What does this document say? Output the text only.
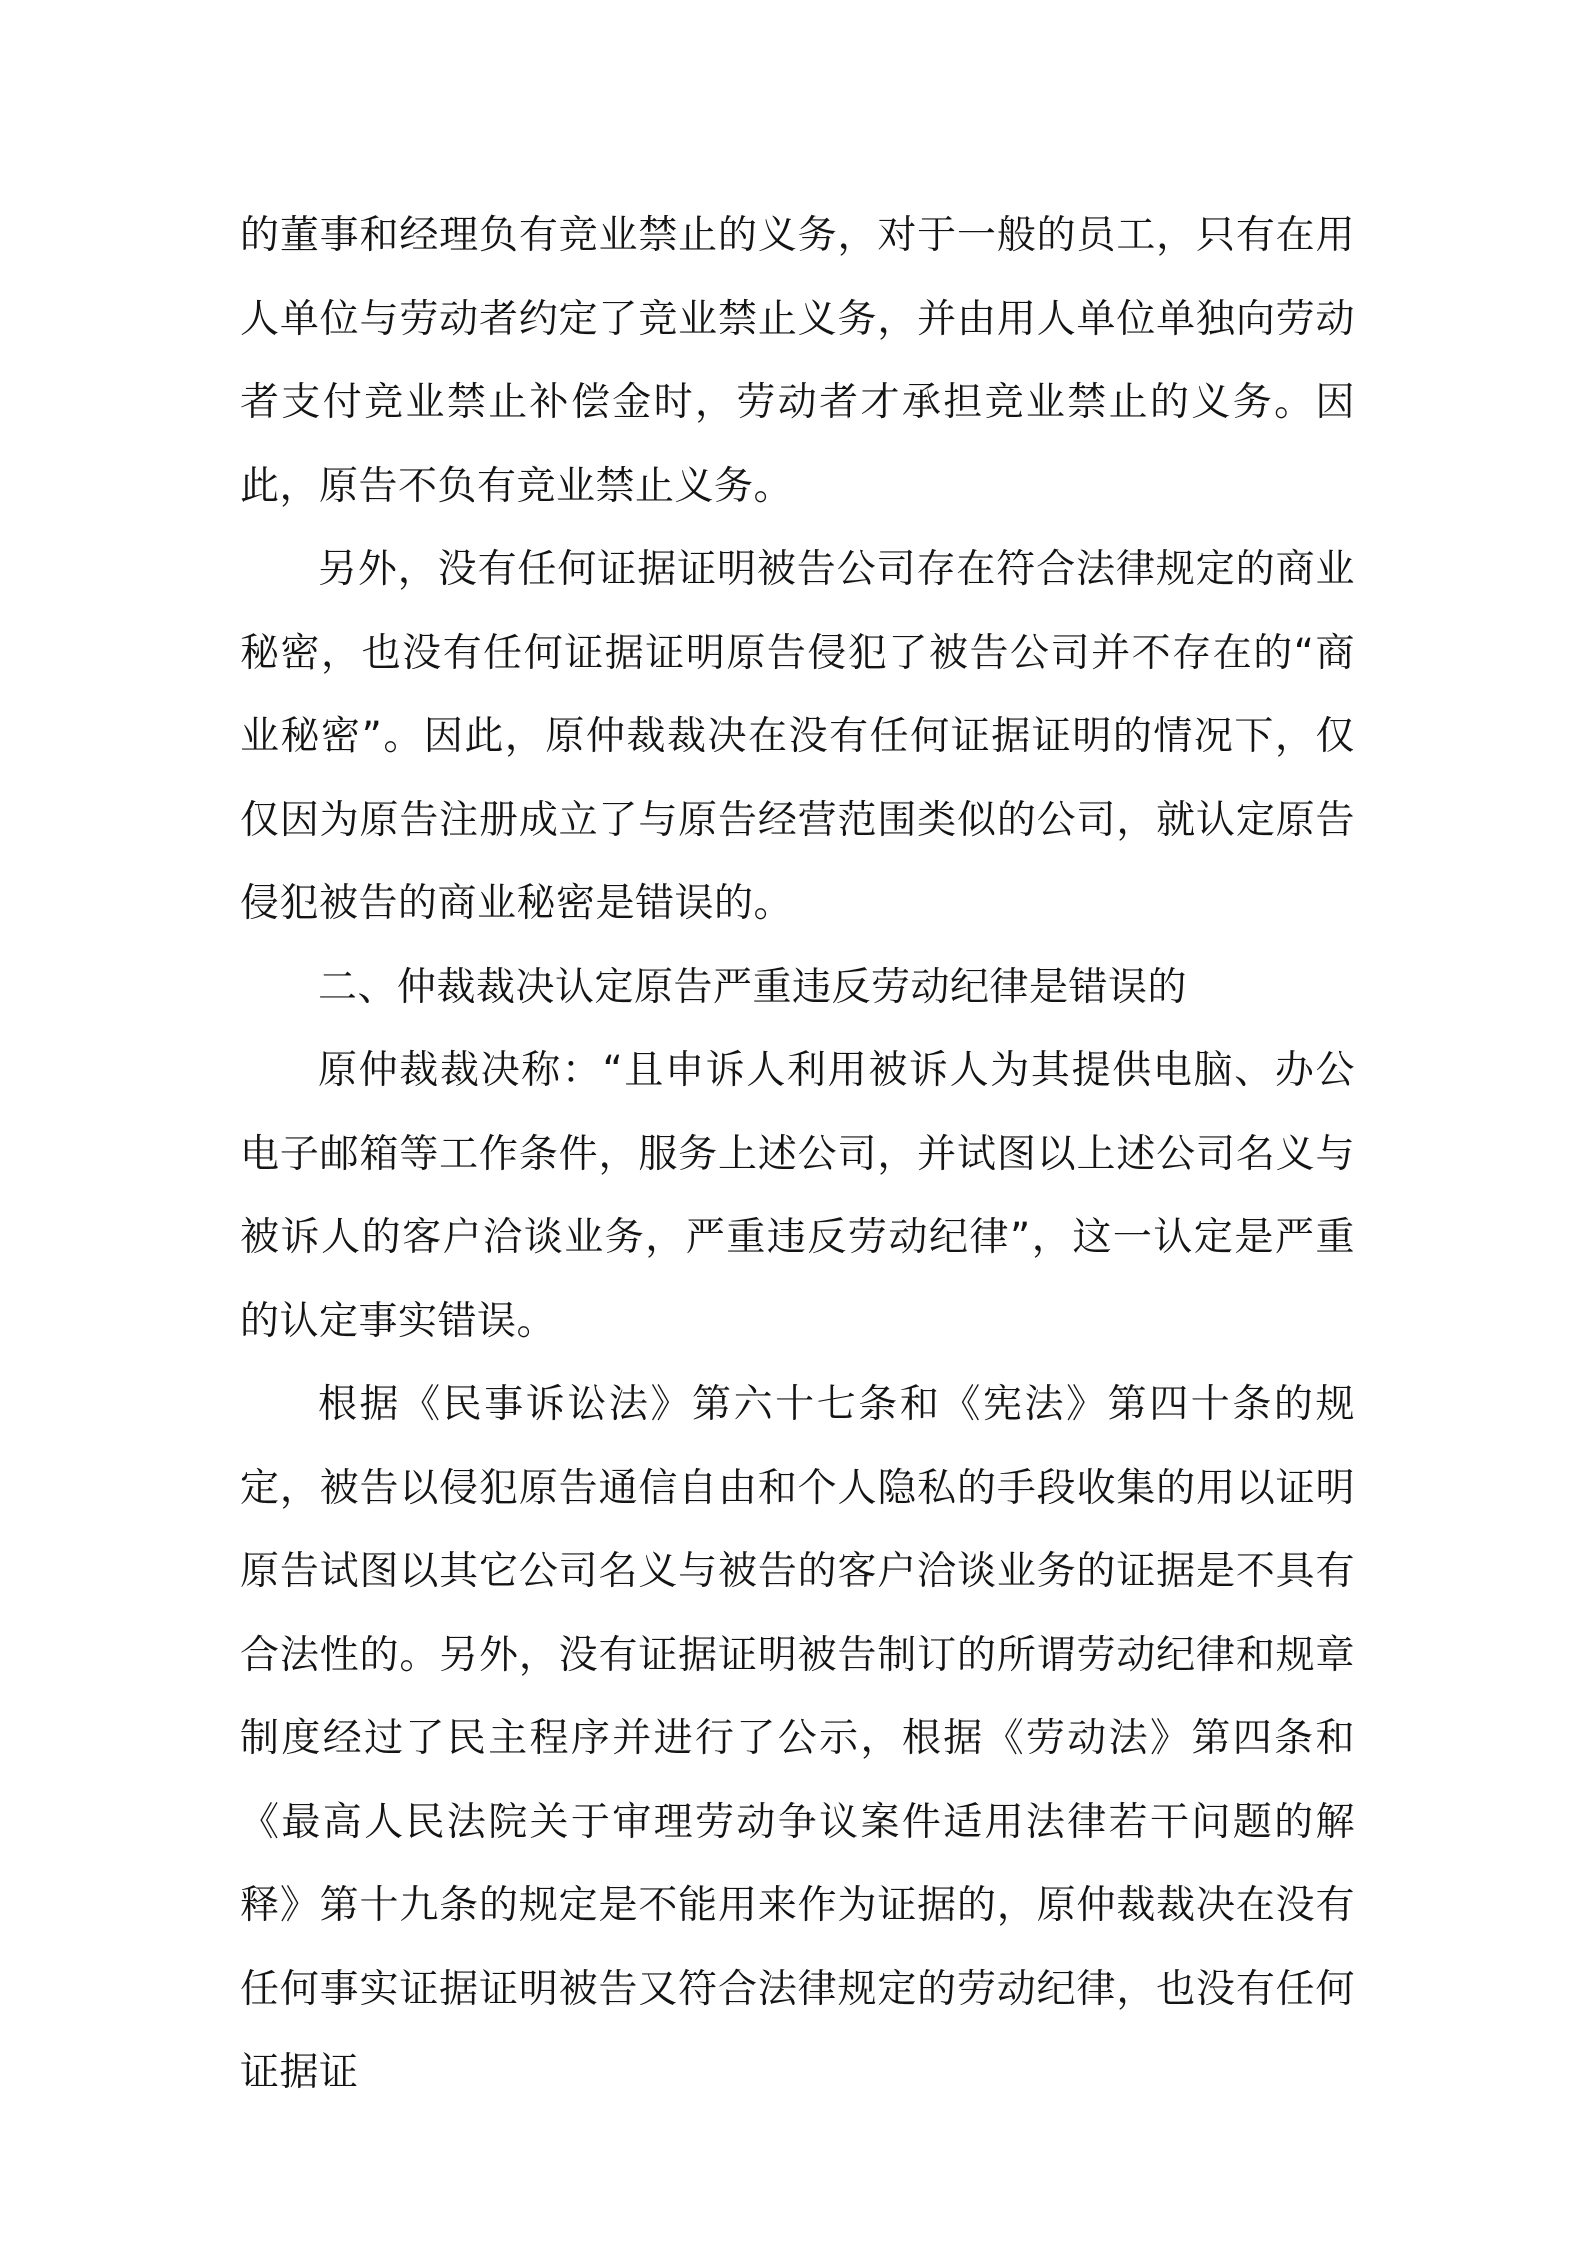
的董事和经理负有竞业禁止的义务，对于一般的员工，只有在用人单位与劳动者约定了竞业禁止义务，并由用人单位单独向劳动者支付竞业禁止补偿金时，劳动者才承担竞业禁止的义务。因此，原告不负有竞业禁止义务。

另外，没有任何证据证明被告公司存在符合法律规定的商业秘密，也没有任何证据证明原告侵犯了被告公司并不存在的“商业秘密”。因此，原仲裁裁决在没有任何证据证明的情况下，仅仅因为原告注册成立了与原告经营范围类似的公司，就认定原告侵犯被告的商业秘密是错误的。

二、仲裁裁决认定原告严重违反劳动纪律是错误的

原仲裁裁决称：“且申诉人利用被诉人为其提供电脑、办公电子邮箱等工作条件，服务上述公司，并试图以上述公司名义与被诉人的客户洽谈业务，严重违反劳动纪律”，这一认定是严重的认定事实错误。

根据《民事诉讼法》第六十七条和《宪法》第四十条的规定，被告以侵犯原告通信自由和个人隐私的手段收集的用以证明原告试图以其它公司名义与被告的客户洽谈业务的证据是不具有合法性的。另外，没有证据证明被告制订的所谓劳动纪律和规章制度经过了民主程序并进行了公示，根据《劳动法》第四条和《最高人民法院关于审理劳动争议案件适用法律若干问题的解释》第十九条的规定是不能用来作为证据的，原仲裁裁决在没有任何事实证据证明被告又符合法律规定的劳动纪律，也没有任何证据证
